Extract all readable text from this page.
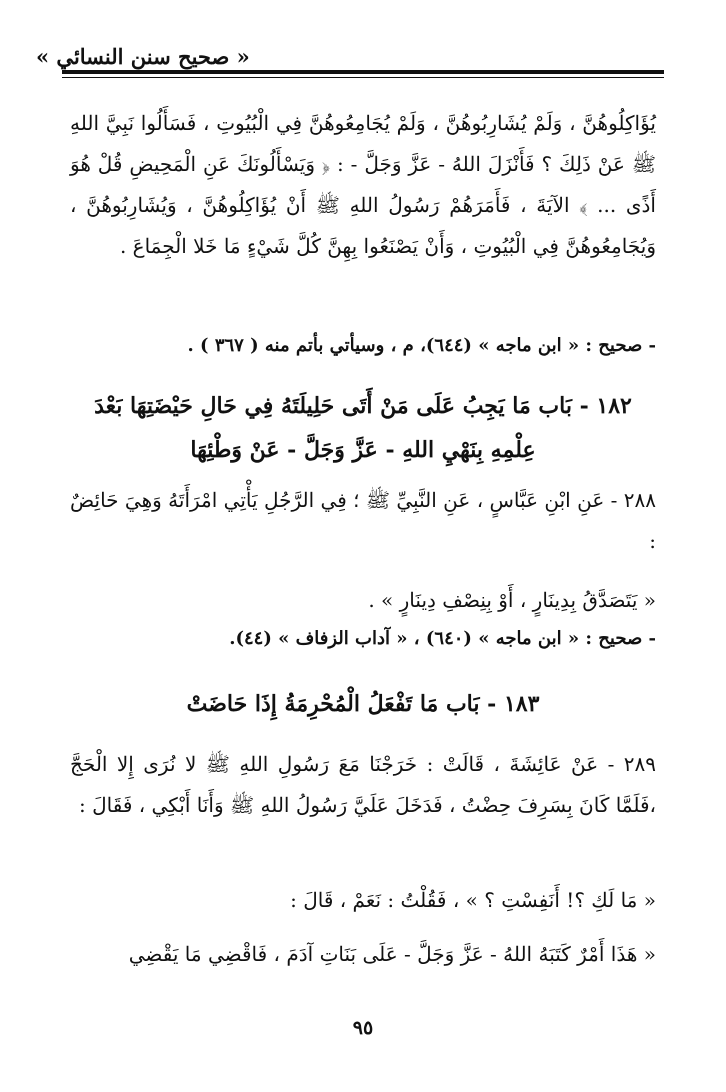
« صحيح سنن النسائي »
يُؤَاكِلُوهُنَّ ، وَلَمْ يُشَارِبُوهُنَّ ، وَلَمْ يُجَامِعُوهُنَّ فِي الْبُيُوتِ ، فَسَأَلُوا نَبِيَّ اللهِ ﷺ عَنْ ذَلِكَ ؟ فَأَنْزَلَ اللهُ - عَزَّ وَجَلَّ - : ﴿ وَيَسْأَلُونَكَ عَنِ الْمَحِيضِ قُلْ هُوَ أَذًى ... ﴾ الآيَةَ ، فَأَمَرَهُمْ رَسُولُ اللهِ ﷺ أَنْ يُؤَاكِلُوهُنَّ ، وَيُشَارِبُوهُنَّ ، وَيُجَامِعُوهُنَّ فِي الْبُيُوتِ ، وَأَنْ يَصْنَعُوا بِهِنَّ كُلَّ شَيْءٍ مَا خَلا الْجِمَاعَ .
- صحيح : « ابن ماجه » (٦٤٤)، م ، وسيأتي بأتم منه ( ٣٦٧ ) .
١٨٢ - بَاب مَا يَجِبُ عَلَى مَنْ أَتَى حَلِيلَتَهُ فِي حَالِ حَيْضَتِهَا بَعْدَ عِلْمِهِ بِنَهْيِ اللهِ - عَزَّ وَجَلَّ - عَنْ وَطْئِهَا
٢٨٨ - عَنِ ابْنِ عَبَّاسٍ ، عَنِ النَّبِيِّ ﷺ ؛ فِي الرَّجُلِ يَأْتِي امْرَأَتَهُ وَهِيَ حَائِضٌ :
« يَتَصَدَّقُ بِدِينَارٍ ، أَوْ بِنِصْفِ دِينَارٍ » .
- صحيح : « ابن ماجه » (٦٤٠) ، « آداب الزفاف » (٤٤).
١٨٣ - بَاب مَا تَفْعَلُ الْمُحْرِمَةُ إِذَا حَاضَتْ
٢٨٩ - عَنْ عَائِشَةَ ، قَالَتْ : خَرَجْنَا مَعَ رَسُولِ اللهِ ﷺ لا نُرَى إِلا الْحَجَّ ،فَلَمَّا كَانَ بِسَرِفَ حِضْتُ ، فَدَخَلَ عَلَيَّ رَسُولُ اللهِ ﷺ وَأَنَا أَبْكِي ، فَقَالَ :
« مَا لَكِ ؟! أَنَفِسْتِ ؟ » ، فَقُلْتُ : نَعَمْ ، قَالَ :
« هَذَا أَمْرٌ كَتَبَهُ اللهُ - عَزَّ وَجَلَّ - عَلَى بَنَاتِ آدَمَ ، فَاقْضِي مَا يَقْضِي
٩٥
